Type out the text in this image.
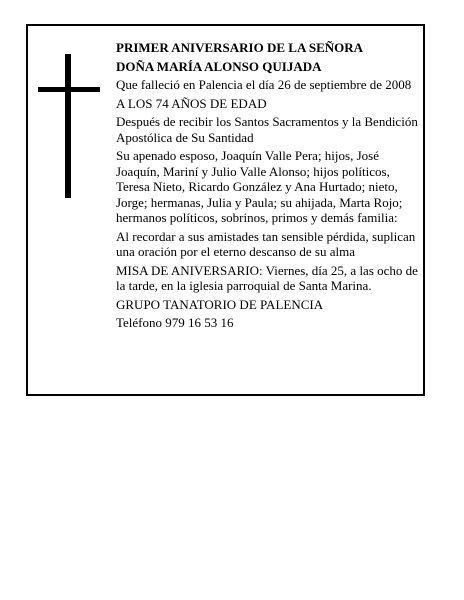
PRIMER ANIVERSARIO DE LA SEÑORA

DOÑA MARÍA ALONSO QUIJADA

Que falleció en Palencia el día 26 de septiembre de 2008

A LOS 74 AÑOS DE EDAD

Después de recibir los Santos Sacramentos y la Bendición Apostólica de Su Santidad

Su apenado esposo, Joaquín Valle Pera; hijos, José Joaquín, Mariní y Julio Valle Alonso; hijos políticos, Teresa Nieto, Ricardo González y Ana Hurtado; nieto, Jorge; hermanas, Julia y Paula; su ahijada, Marta Rojo; hermanos políticos, sobrinos, primos y demás familia:

Al recordar a sus amistades tan sensible pérdida, suplican una oración por el eterno descanso de su alma

MISA DE ANIVERSARIO: Viernes, día 25, a las ocho de la tarde, en la iglesia parroquial de Santa Marina.

GRUPO TANATORIO DE PALENCIA

Teléfono 979 16 53 16
